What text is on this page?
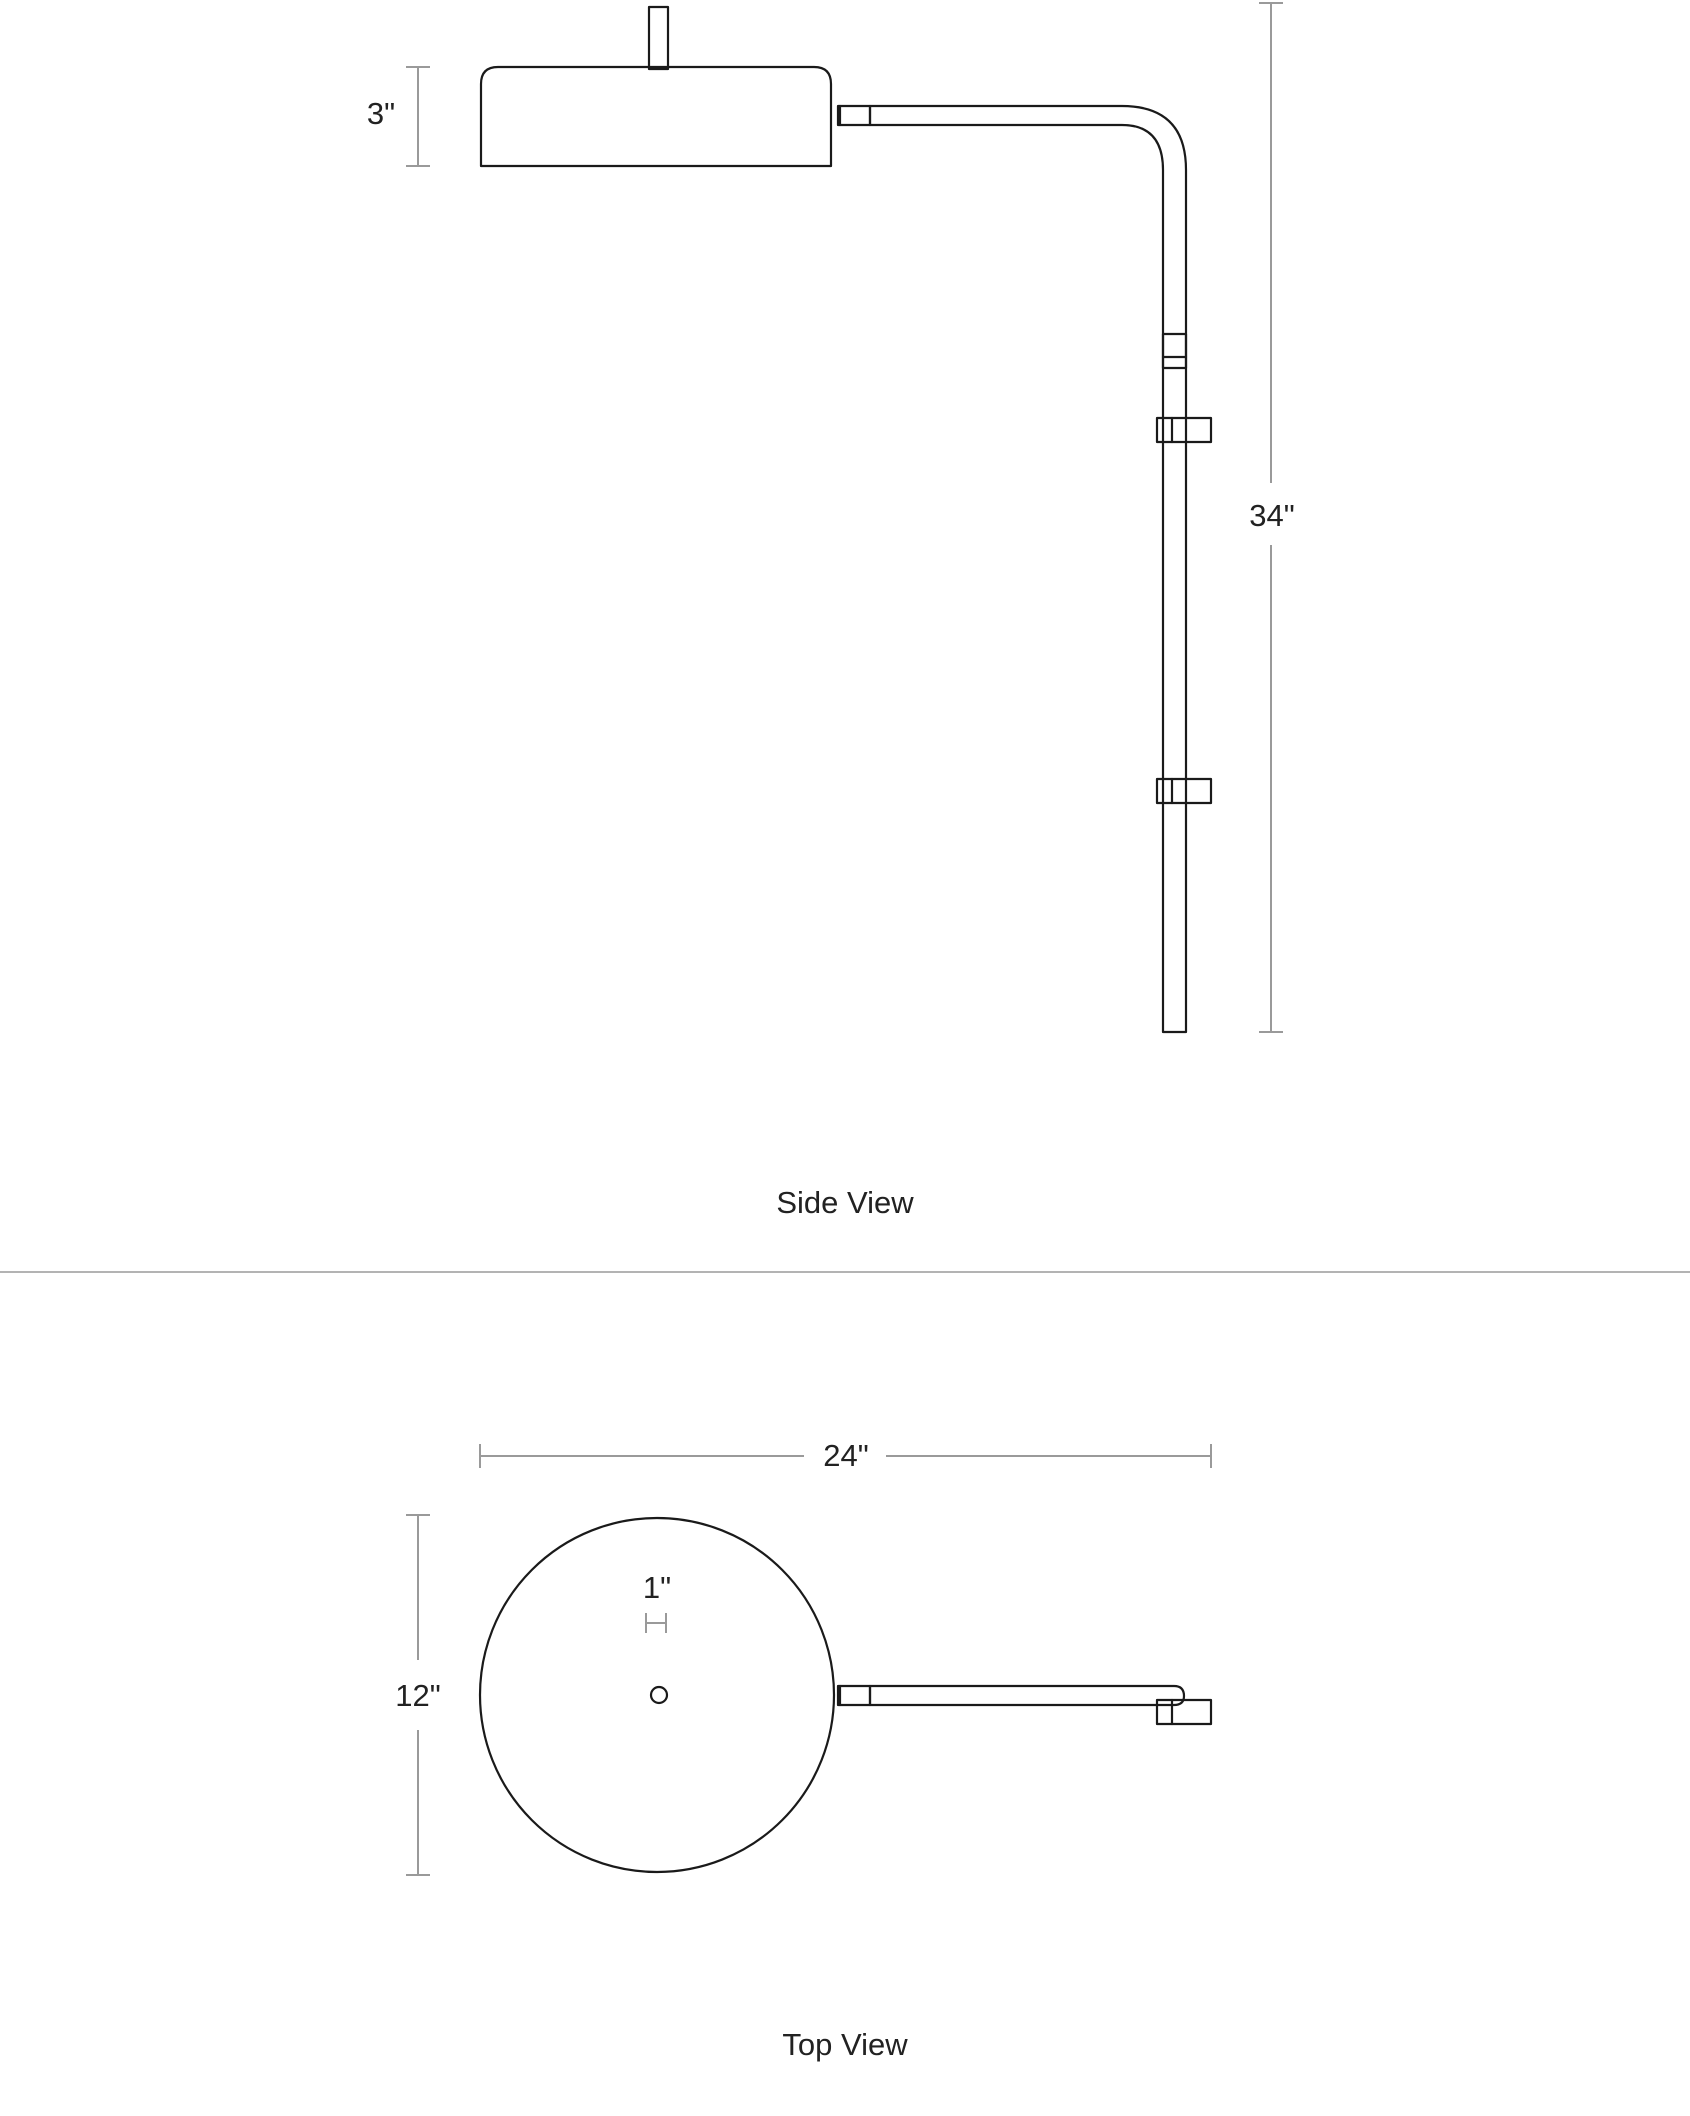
3"
34"
Side View
24"
12"
1"
Top View
